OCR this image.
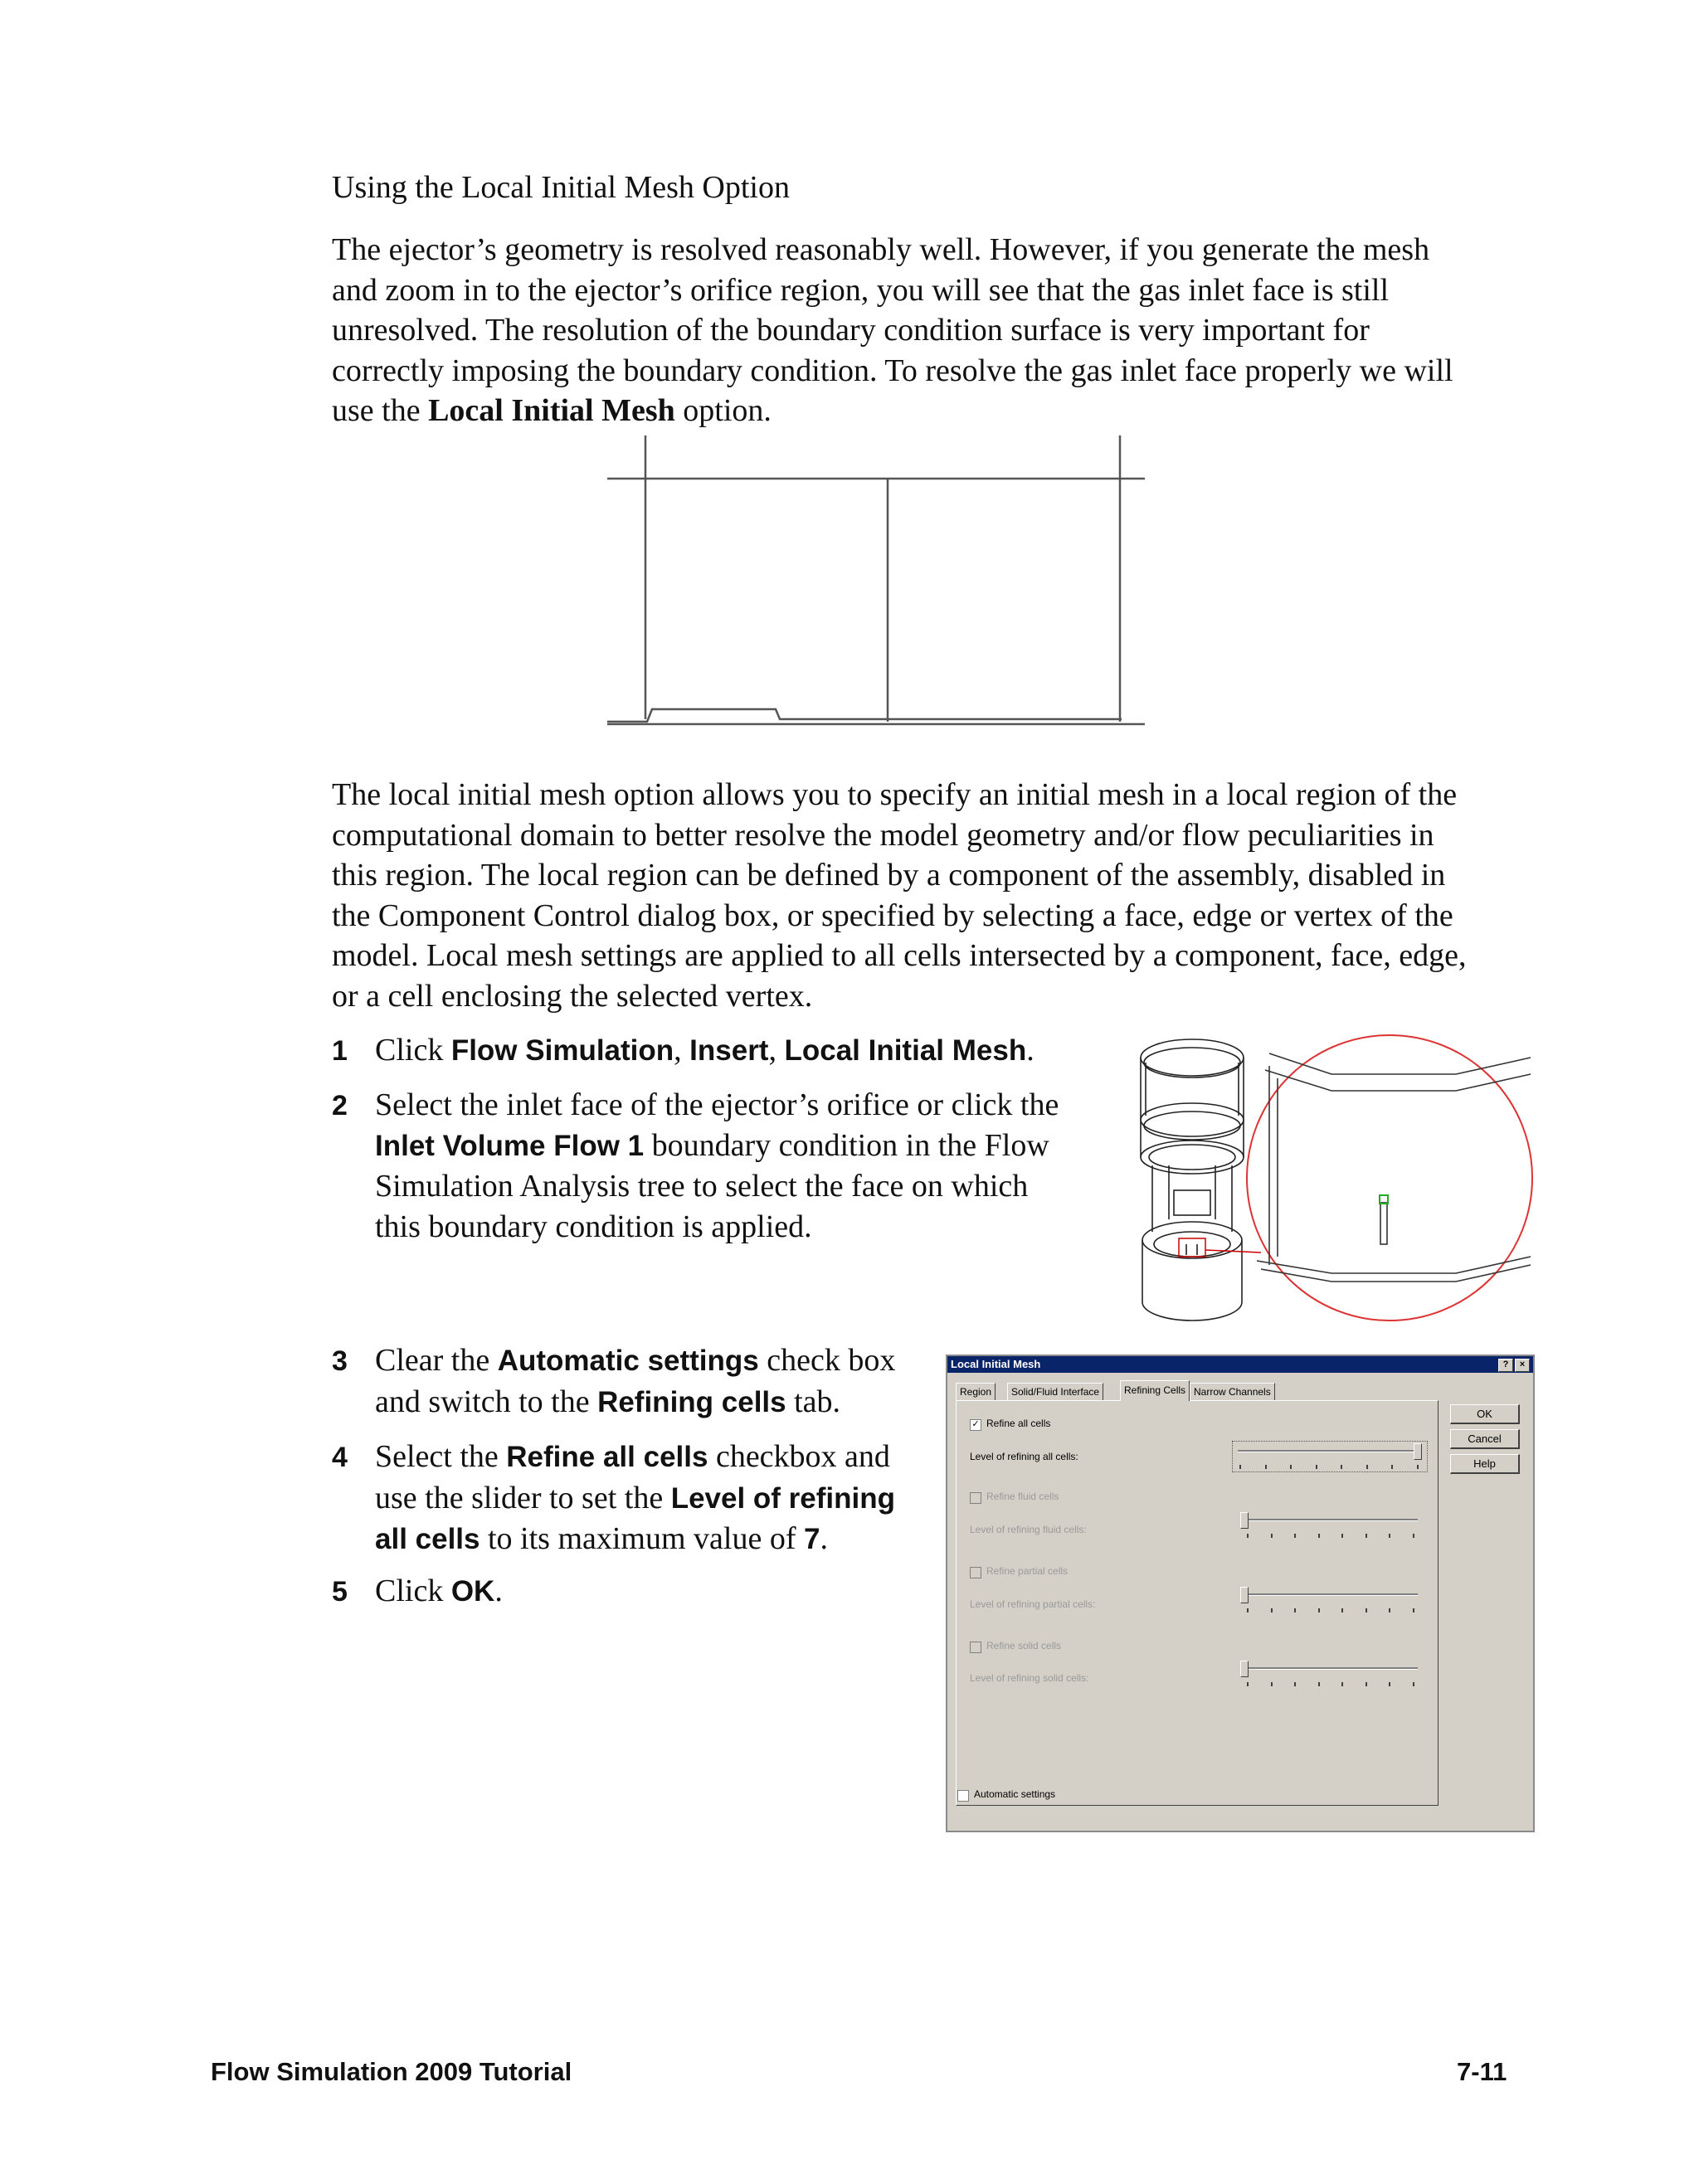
Using the Local Initial Mesh Option
The ejector’s geometry is resolved reasonably well. However, if you generate the mesh
and zoom in to the ejector’s orifice region, you will see that the gas inlet face is still
unresolved. The resolution of the boundary condition surface is very important for
correctly imposing the boundary condition. To resolve the gas inlet face properly we will
use the Local Initial Mesh option.
The local initial mesh option allows you to specify an initial mesh in a local region of the
computational domain to better resolve the model geometry and/or flow peculiarities in
this region. The local region can be defined by a component of the assembly, disabled in
the Component Control dialog box, or specified by selecting a face, edge or vertex of the
model. Local mesh settings are applied to all cells intersected by a component, face, edge,
or a cell enclosing the selected vertex.
1 Click Flow Simulation, Insert, Local Initial Mesh.
2 Select the inlet face of the ejector’s orifice or click the
Inlet Volume Flow 1 boundary condition in the Flow
Simulation Analysis tree to select the face on which
this boundary condition is applied.
3 Clear the Automatic settings check box
and switch to the Refining cells tab.
4 Select the Refine all cells checkbox and
use the slider to set the Level of refining
all cells to its maximum value of 7.
5 Click OK.
Local Initial Mesh	?	×
Region	Solid/Fluid Interface	Refining Cells Narrow Channels
✓ Refine all cells
Level of refining all cells:
Refine fluid cells
Level of refining fluid cells:
Refine partial cells
Level of refining partial cells:
Refine solid cells
Level of refining solid cells:
OK
Cancel
Help
Automatic settings
Flow Simulation 2009 Tutorial	7-11
